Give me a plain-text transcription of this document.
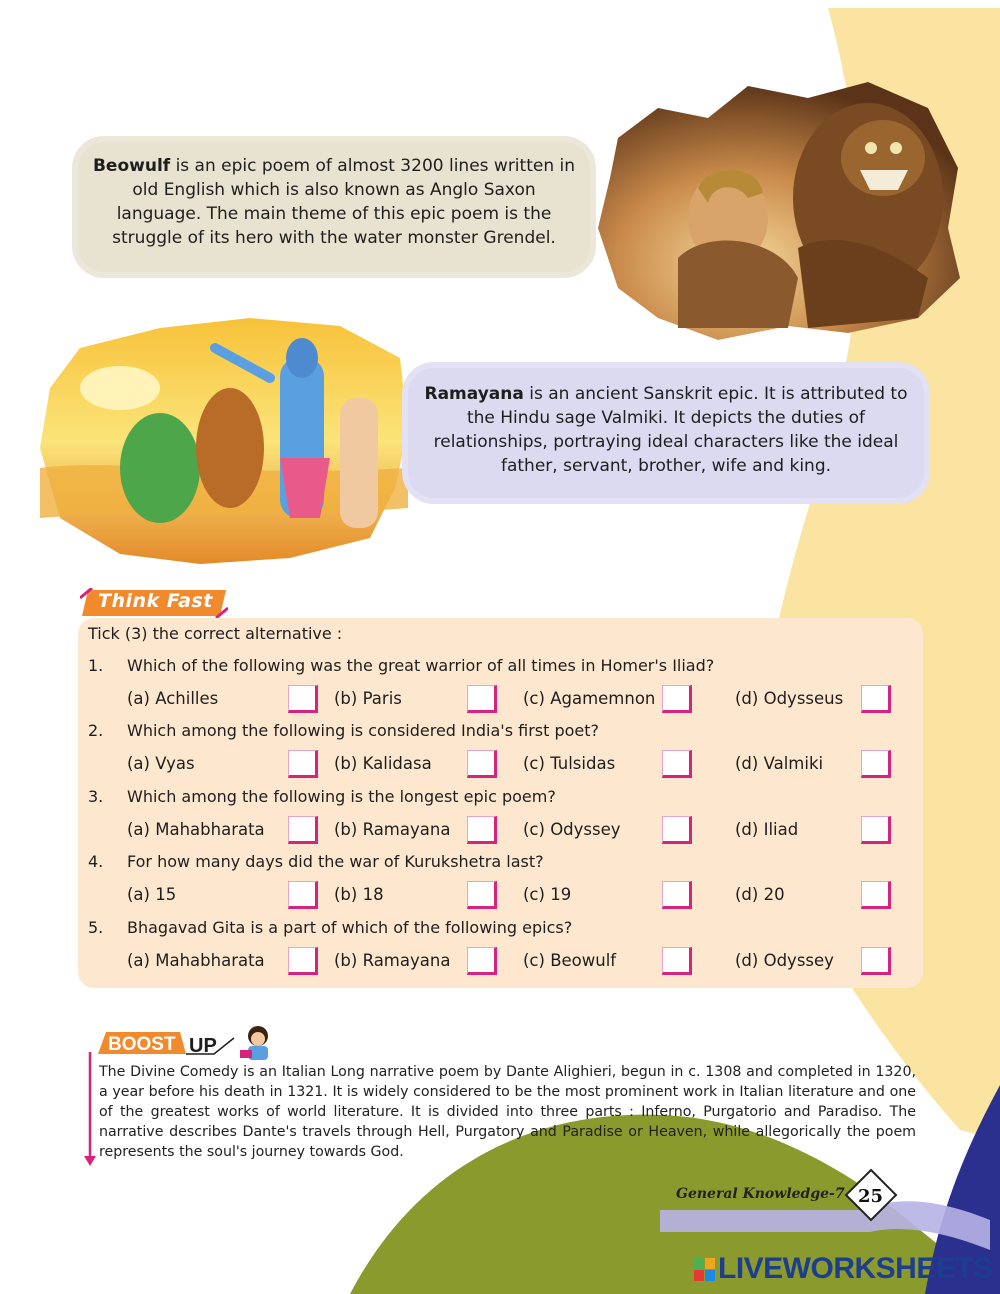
Beowulf is an epic poem of almost 3200 lines written in old English which is also known as Anglo Saxon language. The main theme of this epic poem is the struggle of its hero with the water monster Grendel.
Ramayana is an ancient Sanskrit epic. It is attributed to the Hindu sage Valmiki. It depicts the duties of relationships, portraying ideal characters like the ideal father, servant, brother, wife and king.
Think Fast
Tick (3) the correct alternative :
1. Which of the following was the great warrior of all times in Homer's Iliad?
(a) Achilles	(b) Paris	(c) Agamemnon	(d) Odysseus
2. Which among the following is considered India's first poet?
(a) Vyas	(b) Kalidasa	(c) Tulsidas	(d) Valmiki
3. Which among the following is the longest epic poem?
(a) Mahabharata	(b) Ramayana	(c) Odyssey	(d) Iliad
4. For how many days did the war of Kurukshetra last?
(a) 15	(b) 18	(c) 19	(d) 20
5. Bhagavad Gita is a part of which of the following epics?
(a) Mahabharata	(b) Ramayana	(c) Beowulf	(d) Odyssey
BOOST UP
The Divine Comedy is an Italian Long narrative poem by Dante Alighieri, begun in c. 1308 and completed in 1320, a year before his death in 1321. It is widely considered to be the most prominent work in Italian literature and one of the greatest works of world literature. It is divided into three parts : Inferno, Purgatorio and Paradiso. The narrative describes Dante's travels through Hell, Purgatory and Paradise or Heaven, while allegorically the poem represents the soul's journey towards God.
General Knowledge-7 25
LIVEWORKSHEETS
